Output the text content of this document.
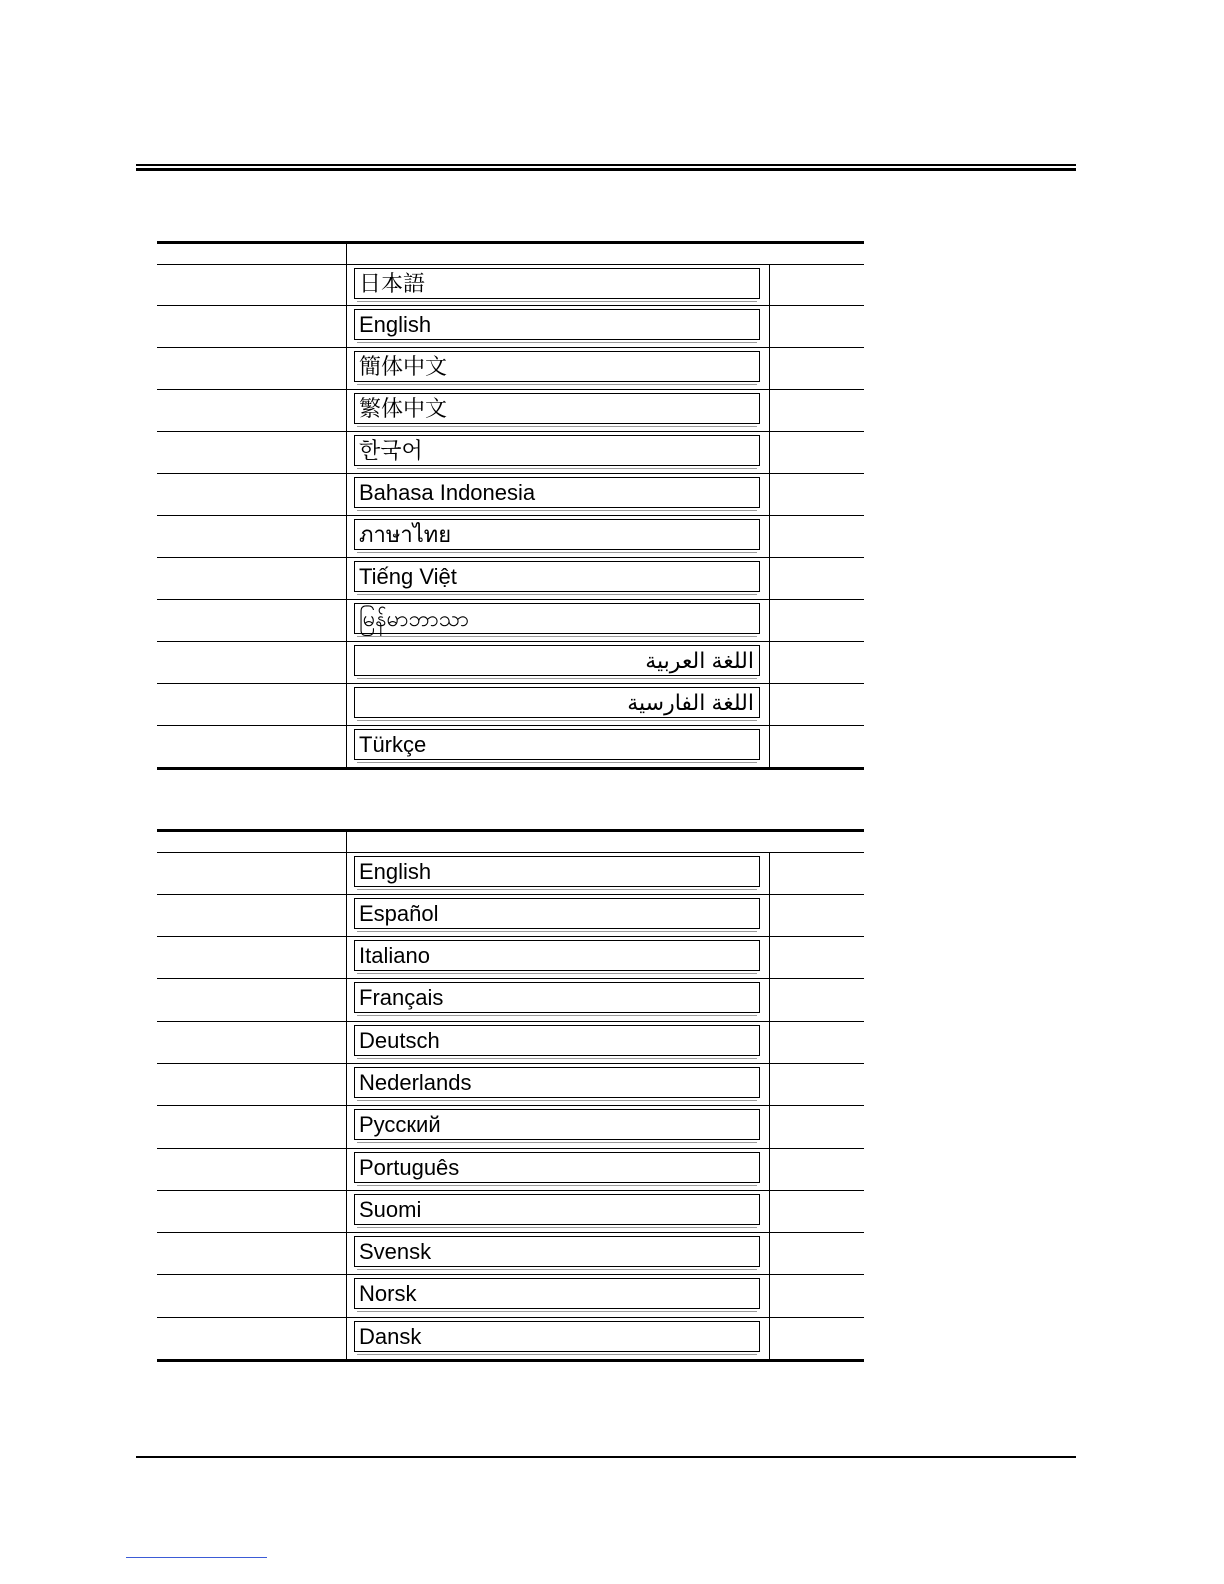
日本語
English
簡体中文
繁体中文
한국어
Bahasa Indonesia
ภาษาไทย
Tiếng Việt
မြန်မာဘာသာ
اللغة العربية
اللغة الفارسية
Türkçe
English
Español
Italiano
Français
Deutsch
Nederlands
Русский
Português
Suomi
Svensk
Norsk
Dansk
